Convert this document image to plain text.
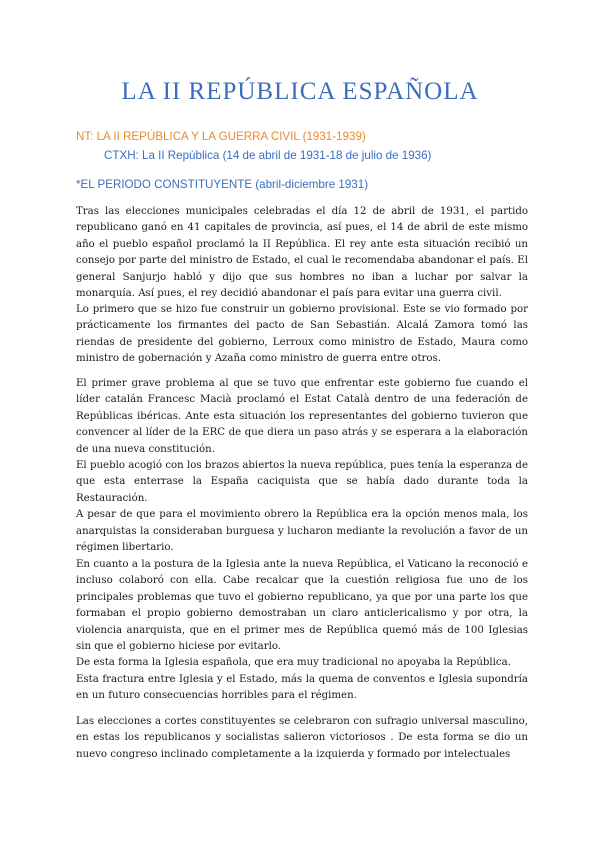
LA II REPÚBLICA ESPAÑOLA

NT: LA II REPÚBLICA Y LA GUERRA CIVIL (1931-1939)

CTXH: La II República (14 de abril de 1931-18 de julio de 1936)

*EL PERIODO CONSTITUYENTE (abril-diciembre 1931)

Tras las elecciones municipales celebradas el día 12 de abril de 1931, el partido republicano ganó en 41 capitales de provincia, así pues, el 14 de abril de este mismo año el pueblo español proclamó la II República. El rey ante esta situación recibió un consejo por parte del ministro de Estado, el cual le recomendaba abandonar el país. El general Sanjurjo habló y dijo que sus hombres no iban a luchar por salvar la monarquía. Así pues, el rey decidió abandonar el país para evitar una guerra civil.

Lo primero que se hizo fue construir un gobierno provisional. Este se vio formado por prácticamente los firmantes del pacto de San Sebastián. Alcalá Zamora tomó las riendas de presidente del gobierno, Lerroux como ministro de Estado, Maura como ministro de gobernación y Azaña como ministro de guerra entre otros.

El primer grave problema al que se tuvo que enfrentar este gobierno fue cuando el líder catalán Francesc Macià proclamó el Estat Català dentro de una federación de Repúblicas ibéricas. Ante esta situación los representantes del gobierno tuvieron que convencer al líder de la ERC de que diera un paso atrás y se esperara a la elaboración de una nueva constitución.

El pueblo acogió con los brazos abiertos la nueva república, pues tenía la esperanza de que esta enterrase la España caciquista que se había dado durante toda la Restauración.

A pesar de que para el movimiento obrero la República era la opción menos mala, los anarquistas la consideraban burguesa y lucharon mediante la revolución a favor de un régimen libertario.

En cuanto a la postura de la Iglesia ante la nueva República, el Vaticano la reconoció e incluso colaboró con ella. Cabe recalcar que la cuestión religiosa fue uno de los principales problemas que tuvo el gobierno republicano, ya que por una parte los que formaban el propio gobierno demostraban un claro anticlericalismo y por otra, la violencia anarquista, que en el primer mes de República quemó más de 100 Iglesias sin que el gobierno hiciese por evitarlo.

De esta forma la Iglesia española, que era muy tradicional no apoyaba la República.

Esta fractura entre Iglesia y el Estado, más la quema de conventos e Iglesia supondría en un futuro consecuencias horribles para el régimen.

Las elecciones a cortes constituyentes se celebraron con sufragio universal masculino, en estas los republicanos y socialistas salieron victoriosos . De esta forma se dio un nuevo congreso inclinado completamente a la izquierda y formado por intelectuales
